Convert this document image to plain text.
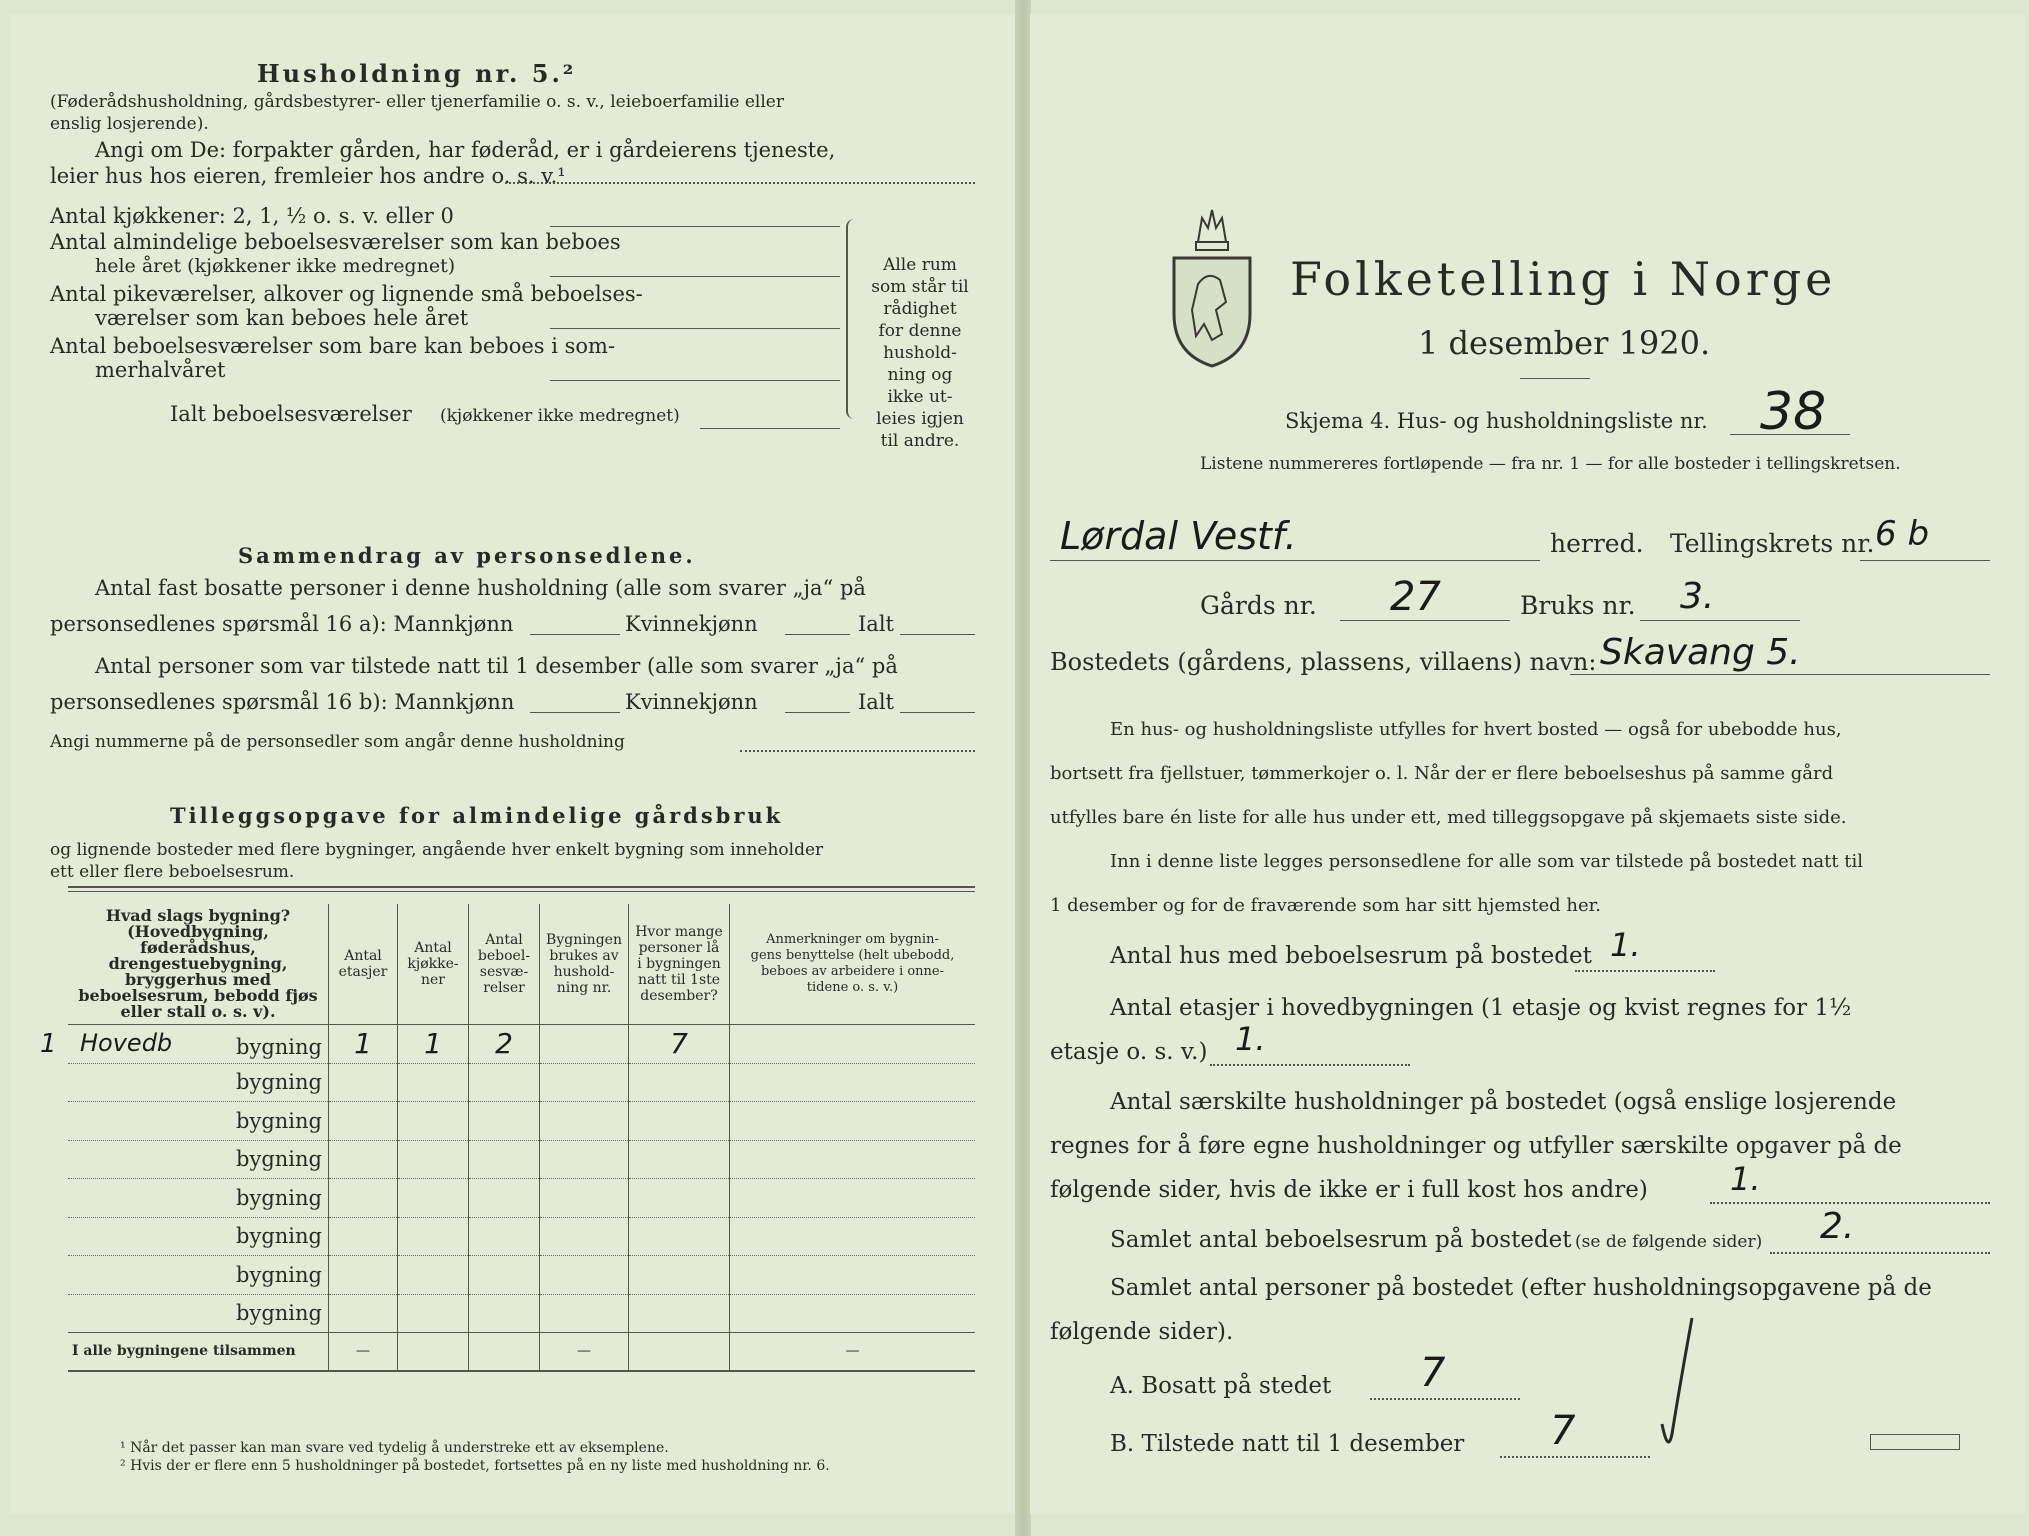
Husholdning nr. 5.²
(Føderådshusholdning, gårdsbestyrer- eller tjenerfamilie o. s. v., leieboerfamilie eller
enslig losjerende).
Angi om De: forpakter gården, har føderåd, er i gårdeierens tjeneste,
leier hus hos eieren, fremleier hos andre o. s. v.¹
Antal kjøkkener: 2, 1, ½ o. s. v. eller 0
Antal almindelige beboelsesværelser som kan beboes
hele året (kjøkkener ikke medregnet)
Antal pikeværelser, alkover og lignende små beboelses-
værelser som kan beboes hele året
Antal beboelsesværelser som bare kan beboes i som-
merhalvåret
Ialt beboelsesværelser (kjøkkener ikke medregnet)
Alle rum
som står til
rådighet
for denne
hushold-
ning og
ikke ut-
leies igjen
til andre.
Sammendrag av personsedlene.
Antal fast bosatte personer i denne husholdning (alle som svarer „ja“ på
personsedlenes spørsmål 16 a): Mannkjønn	Kvinnekjønn	Ialt
Antal personer som var tilstede natt til 1 desember (alle som svarer „ja“ på
personsedlenes spørsmål 16 b): Mannkjønn	Kvinnekjønn	Ialt
Angi nummerne på de personsedler som angår denne husholdning
Tilleggsopgave for almindelige gårdsbruk
og lignende bosteder med flere bygninger, angående hver enkelt bygning som inneholder
ett eller flere beboelsesrum.
Hvad slags bygning?
(Hovedbygning, føderådshus, drengestuebygning, bryggerhus med beboelsesrum, bebodd fjøs eller stall o. s. v).	Antal
etasjer	Antal
kjøkke-
ner	Antal
beboel-
sesvæ-
relser	Bygningen
brukes av
hushold-
ning nr.	Hvor mange
personer lå
i bygningen
natt til 1ste
desember?	Anmerkninger om bygnin-
gens benyttelse (helt ubebodd,
beboes av arbeidere i onne-
tidene o. s. v.)

1 Hovedb bygning	1	1	2		7	
bygning						
bygning						
bygning						
bygning						
bygning						
bygning						
bygning						
I alle bygningene tilsammen	—			—		—
¹ Når det passer kan man svare ved tydelig å understreke ett av eksemplene.
² Hvis der er flere enn 5 husholdninger på bostedet, fortsettes på en ny liste med husholdning nr. 6.
Folketelling i Norge
1 desember 1920.
Skjema 4. Hus- og husholdningsliste nr. 38
Listene nummereres fortløpende — fra nr. 1 — for alle bosteder i tellingskretsen.
Lørdal Vestf.	herred. Tellingskrets nr. 6 b
Gårds nr. 27	Bruks nr. 3.
Bostedets (gårdens, plassens, villaens) navn: Skavang 5.
En hus- og husholdningsliste utfylles for hvert bosted — også for ubebodde hus,
bortsett fra fjellstuer, tømmerkojer o. l. Når der er flere beboelseshus på samme gård
utfylles bare én liste for alle hus under ett, med tilleggsopgave på skjemaets siste side.
Inn i denne liste legges personsedlene for alle som var tilstede på bostedet natt til
1 desember og for de fraværende som har sitt hjemsted her.
Antal hus med beboelsesrum på bostedet 1.
Antal etasjer i hovedbygningen (1 etasje og kvist regnes for 1½
etasje o. s. v.) 1.
Antal særskilte husholdninger på bostedet (også enslige losjerende
regnes for å føre egne husholdninger og utfyller særskilte opgaver på de
følgende sider, hvis de ikke er i full kost hos andre)	1.
Samlet antal beboelsesrum på bostedet (se de følgende sider) 2.
Samlet antal personer på bostedet (efter husholdningsopgavene på de
følgende sider).
A. Bosatt på stedet 7
B. Tilstede natt til 1 desember 7
